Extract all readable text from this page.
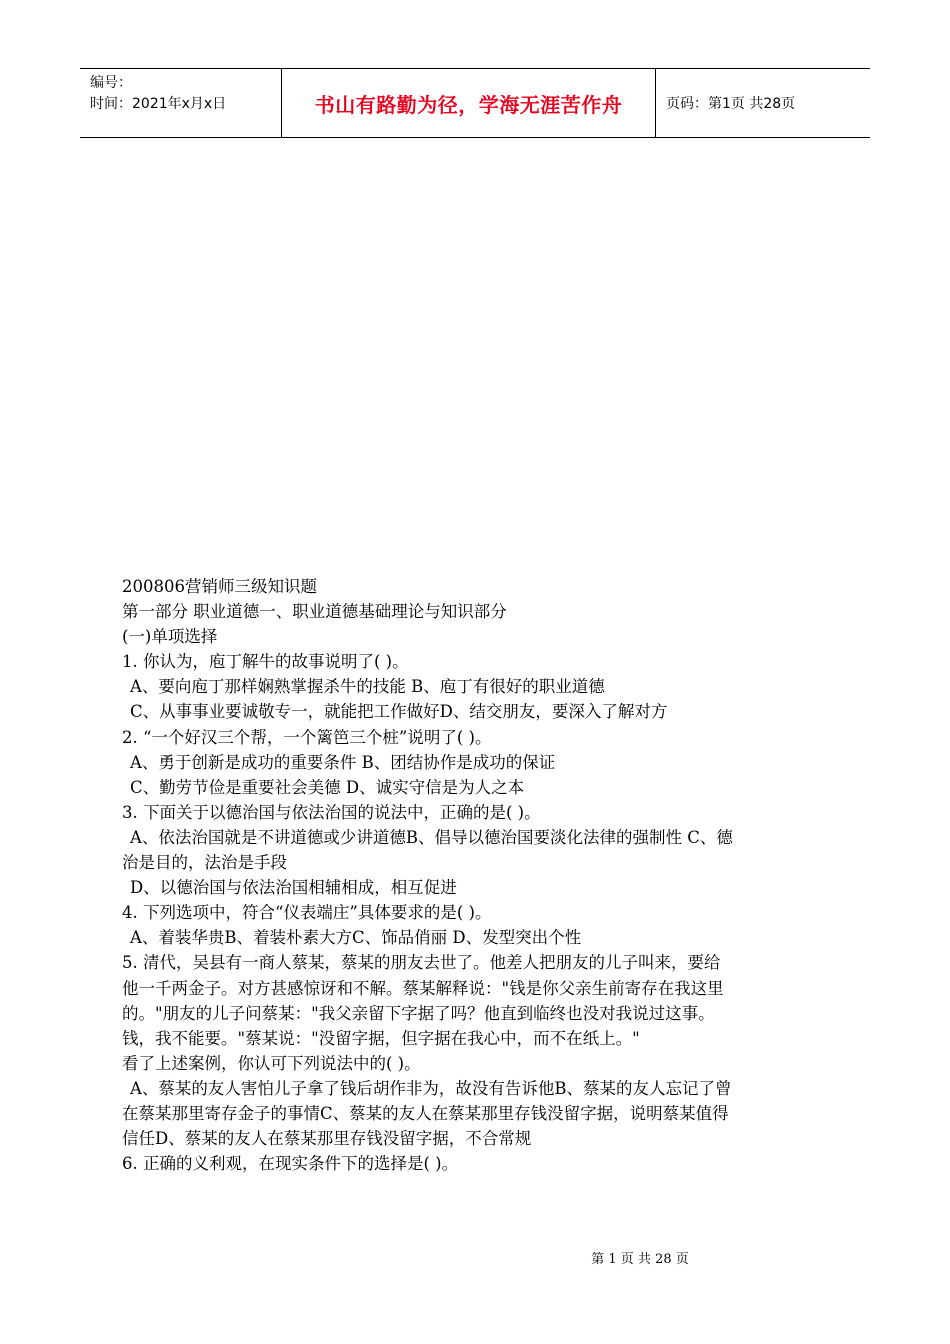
编号：
时间：2021年x月x日	书山有路勤为径，学海无涯苦作舟	页码：第1页 共28页

200806营销师三级知识题

第一部分 职业道德一、职业道德基础理论与知识部分

(一)单项选择

1. 你认为，庖丁解牛的故事说明了( )。

A、要向庖丁那样娴熟掌握杀牛的技能 B、庖丁有很好的职业道德

C、从事事业要诚敬专一，就能把工作做好D、结交朋友，要深入了解对方

2. “一个好汉三个帮，一个篱笆三个桩”说明了( )。

A、勇于创新是成功的重要条件 B、团结协作是成功的保证

C、勤劳节俭是重要社会美德 D、诚实守信是为人之本

3. 下面关于以德治国与依法治国的说法中，正确的是( )。

A、依法治国就是不讲道德或少讲道德B、倡导以德治国要淡化法律的强制性 C、德

治是目的，法治是手段

D、以德治国与依法治国相辅相成，相互促进

4. 下列选项中，符合“仪表端庄”具体要求的是( )。

A、着装华贵B、着装朴素大方C、饰品俏丽 D、发型突出个性

5. 清代，吴县有一商人蔡某，蔡某的朋友去世了。他差人把朋友的儿子叫来，要给

他一千两金子。对方甚感惊讶和不解。蔡某解释说："钱是你父亲生前寄存在我这里

的。"朋友的儿子问蔡某："我父亲留下字据了吗？他直到临终也没对我说过这事。

钱，我不能要。"蔡某说："没留字据，但字据在我心中，而不在纸上。"

看了上述案例，你认可下列说法中的( )。

A、蔡某的友人害怕儿子拿了钱后胡作非为，故没有告诉他B、蔡某的友人忘记了曾

在蔡某那里寄存金子的事情C、蔡某的友人在蔡某那里存钱没留字据，说明蔡某值得

信任D、蔡某的友人在蔡某那里存钱没留字据，不合常规

6. 正确的义利观，在现实条件下的选择是( )。

第 1 页 共 28 页
